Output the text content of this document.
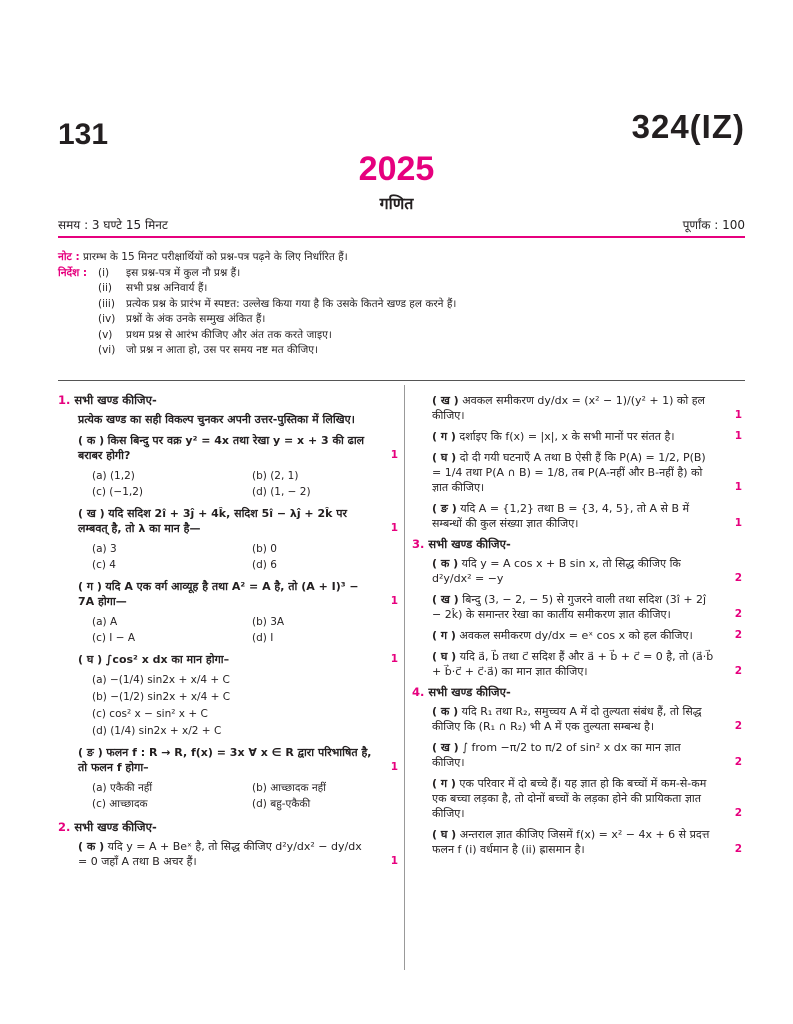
131	324(IZ)
2025
गणित
समय : 3 घण्टे 15 मिनट	पूर्णांक : 100
नोट : प्रारम्भ के 15 मिनट परीक्षार्थियों को प्रश्न-पत्र पढ़ने के लिए निर्धारित हैं।
निर्देश : (i) इस प्रश्न-पत्र में कुल नौ प्रश्न हैं।
(ii) सभी प्रश्न अनिवार्य हैं।
(iii) प्रत्येक प्रश्न के प्रारंभ में स्पष्टत: उल्लेख किया गया है कि उसके कितने खण्ड हल करने हैं।
(iv) प्रश्नों के अंक उनके सम्मुख अंकित हैं।
(v) प्रथम प्रश्न से आरंभ कीजिए और अंत तक करते जाइए।
(vi) जो प्रश्न न आता हो, उस पर समय नष्ट मत कीजिए।
1. सभी खण्ड कीजिए-
प्रत्येक खण्ड का सही विकल्प चुनकर अपनी उत्तर-पुस्तिका में लिखिए।
( क ) किस बिन्दु पर वक्र y² = 4x तथा रेखा y = x + 3 की ढाल बराबर होगी?	1
(a) (1,2)	(b) (2, 1)
(c) (−1,2)	(d) (1, − 2)
( ख ) यदि सदिश 2î + 3ĵ + 4k̂, सदिश 5î − λĵ + 2k̂ पर लम्बवत् है, तो λ का मान है—	1
(a) 3	(b) 0
(c) 4	(d) 6
( ग ) यदि A एक वर्ग आव्यूह है तथा A² = A है, तो (A + I)³ − 7A होगा—	1
(a) A	(b) 3A
(c) I − A	(d) I
( घ ) ∫cos² x dx का मान होगा–	1
(a) −(1/4) sin2x + x/4 + C
(b) −(1/2) sin2x + x/4 + C
(c) cos² x − sin² x + C
(d) (1/4) sin2x + x/2 + C
( ङ ) फलन f : R → R, f(x) = 3x ∀ x ∈ R द्वारा परिभाषित है, तो फलन f होगा–	1
(a) एकैकी नहीं	(b) आच्छादक नहीं
(c) आच्छादक	(d) बहु-एकैकी
2. सभी खण्ड कीजिए-
( क ) यदि y = A + Beˣ है, तो सिद्ध कीजिए d²y/dx² − dy/dx = 0 जहाँ A तथा B अचर हैं।	1
( ख ) अवकल समीकरण dy/dx = (x² − 1)/(y² + 1) को हल कीजिए।	1
( ग ) दर्शाइए कि f(x) = |x|, x के सभी मानों पर संतत है।	1
( घ ) दो दी गयी घटनाएँ A तथा B ऐसी हैं कि P(A) = 1/2, P(B) = 1/4 तथा P(A ∩ B) = 1/8, तब P(A-नहीं और B-नहीं है) को ज्ञात कीजिए।	1
( ङ ) यदि A = {1,2} तथा B = {3, 4, 5}, तो A से B में सम्बन्धों की कुल संख्या ज्ञात कीजिए।	1
3. सभी खण्ड कीजिए-
( क ) यदि y = A cos x + B sin x, तो सिद्ध कीजिए कि d²y/dx² = −y	2
( ख ) बिन्दु (3, − 2, − 5) से गुजरने वाली तथा सदिश (3î + 2ĵ − 2k̂) के समान्तर रेखा का कार्तीय समीकरण ज्ञात कीजिए।	2
( ग ) अवकल समीकरण dy/dx = eˣ cos x को हल कीजिए।	2
( घ ) यदि a⃗, b⃗ तथा c⃗ सदिश हैं और a⃗ + b⃗ + c⃗ = 0 है, तो (a⃗·b⃗ + b⃗·c⃗ + c⃗·a⃗) का मान ज्ञात कीजिए।	2
4. सभी खण्ड कीजिए-
( क ) यदि R₁ तथा R₂, समुच्चय A में दो तुल्यता संबंध हैं, तो सिद्ध कीजिए कि (R₁ ∩ R₂) भी A में एक तुल्यता सम्बन्ध है।	2
( ख ) ∫ from −π/2 to π/2 of sin² x dx का मान ज्ञात कीजिए।	2
( ग ) एक परिवार में दो बच्चे हैं। यह ज्ञात हो कि बच्चों में कम-से-कम एक बच्चा लड़का है, तो दोनों बच्चों के लड़का होने की प्रायिकता ज्ञात कीजिए।	2
( घ ) अन्तराल ज्ञात कीजिए जिसमें f(x) = x² − 4x + 6 से प्रदत्त फलन f (i) वर्धमान है (ii) ह्रासमान है।	2
